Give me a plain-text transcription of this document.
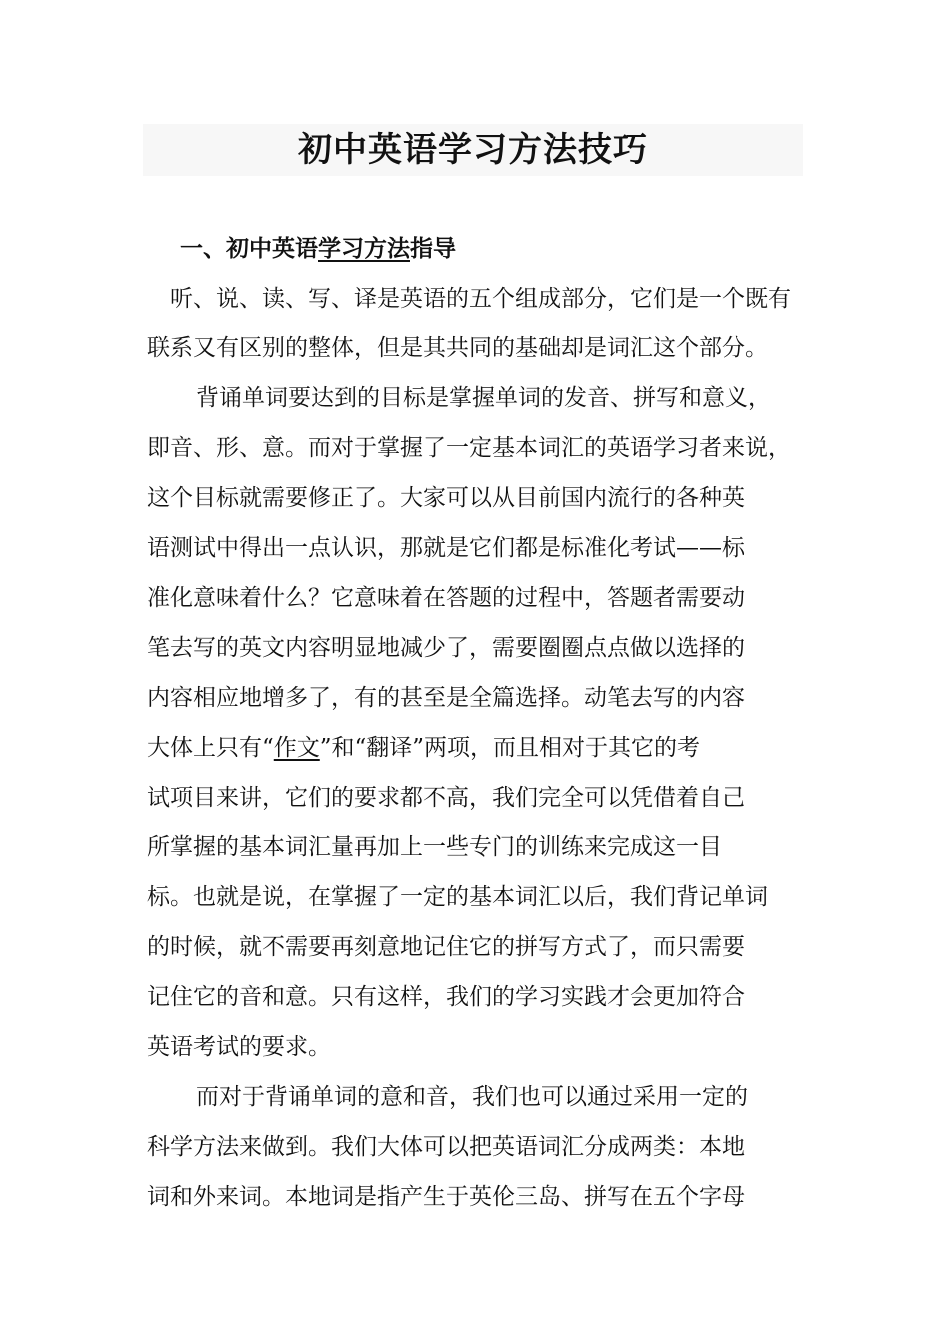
初中英语学习方法技巧
一、初中英语学习方法指导
听、说、读、写、译是英语的五个组成部分，它们是一个既有
联系又有区别的整体，但是其共同的基础却是词汇这个部分。
背诵单词要达到的目标是掌握单词的发音、拼写和意义，
即音、形、意。而对于掌握了一定基本词汇的英语学习者来说，
这个目标就需要修正了。大家可以从目前国内流行的各种英
语测试中得出一点认识，那就是它们都是标准化考试——标
准化意味着什么？它意味着在答题的过程中，答题者需要动
笔去写的英文内容明显地减少了，需要圈圈点点做以选择的
内容相应地增多了，有的甚至是全篇选择。动笔去写的内容
大体上只有“作文”和“翻译”两项，而且相对于其它的考
试项目来讲，它们的要求都不高，我们完全可以凭借着自己
所掌握的基本词汇量再加上一些专门的训练来完成这一目
标。也就是说，在掌握了一定的基本词汇以后，我们背记单词
的时候，就不需要再刻意地记住它的拼写方式了，而只需要
记住它的音和意。只有这样，我们的学习实践才会更加符合
英语考试的要求。
而对于背诵单词的意和音，我们也可以通过采用一定的
科学方法来做到。我们大体可以把英语词汇分成两类：本地
词和外来词。本地词是指产生于英伦三岛、拼写在五个字母
